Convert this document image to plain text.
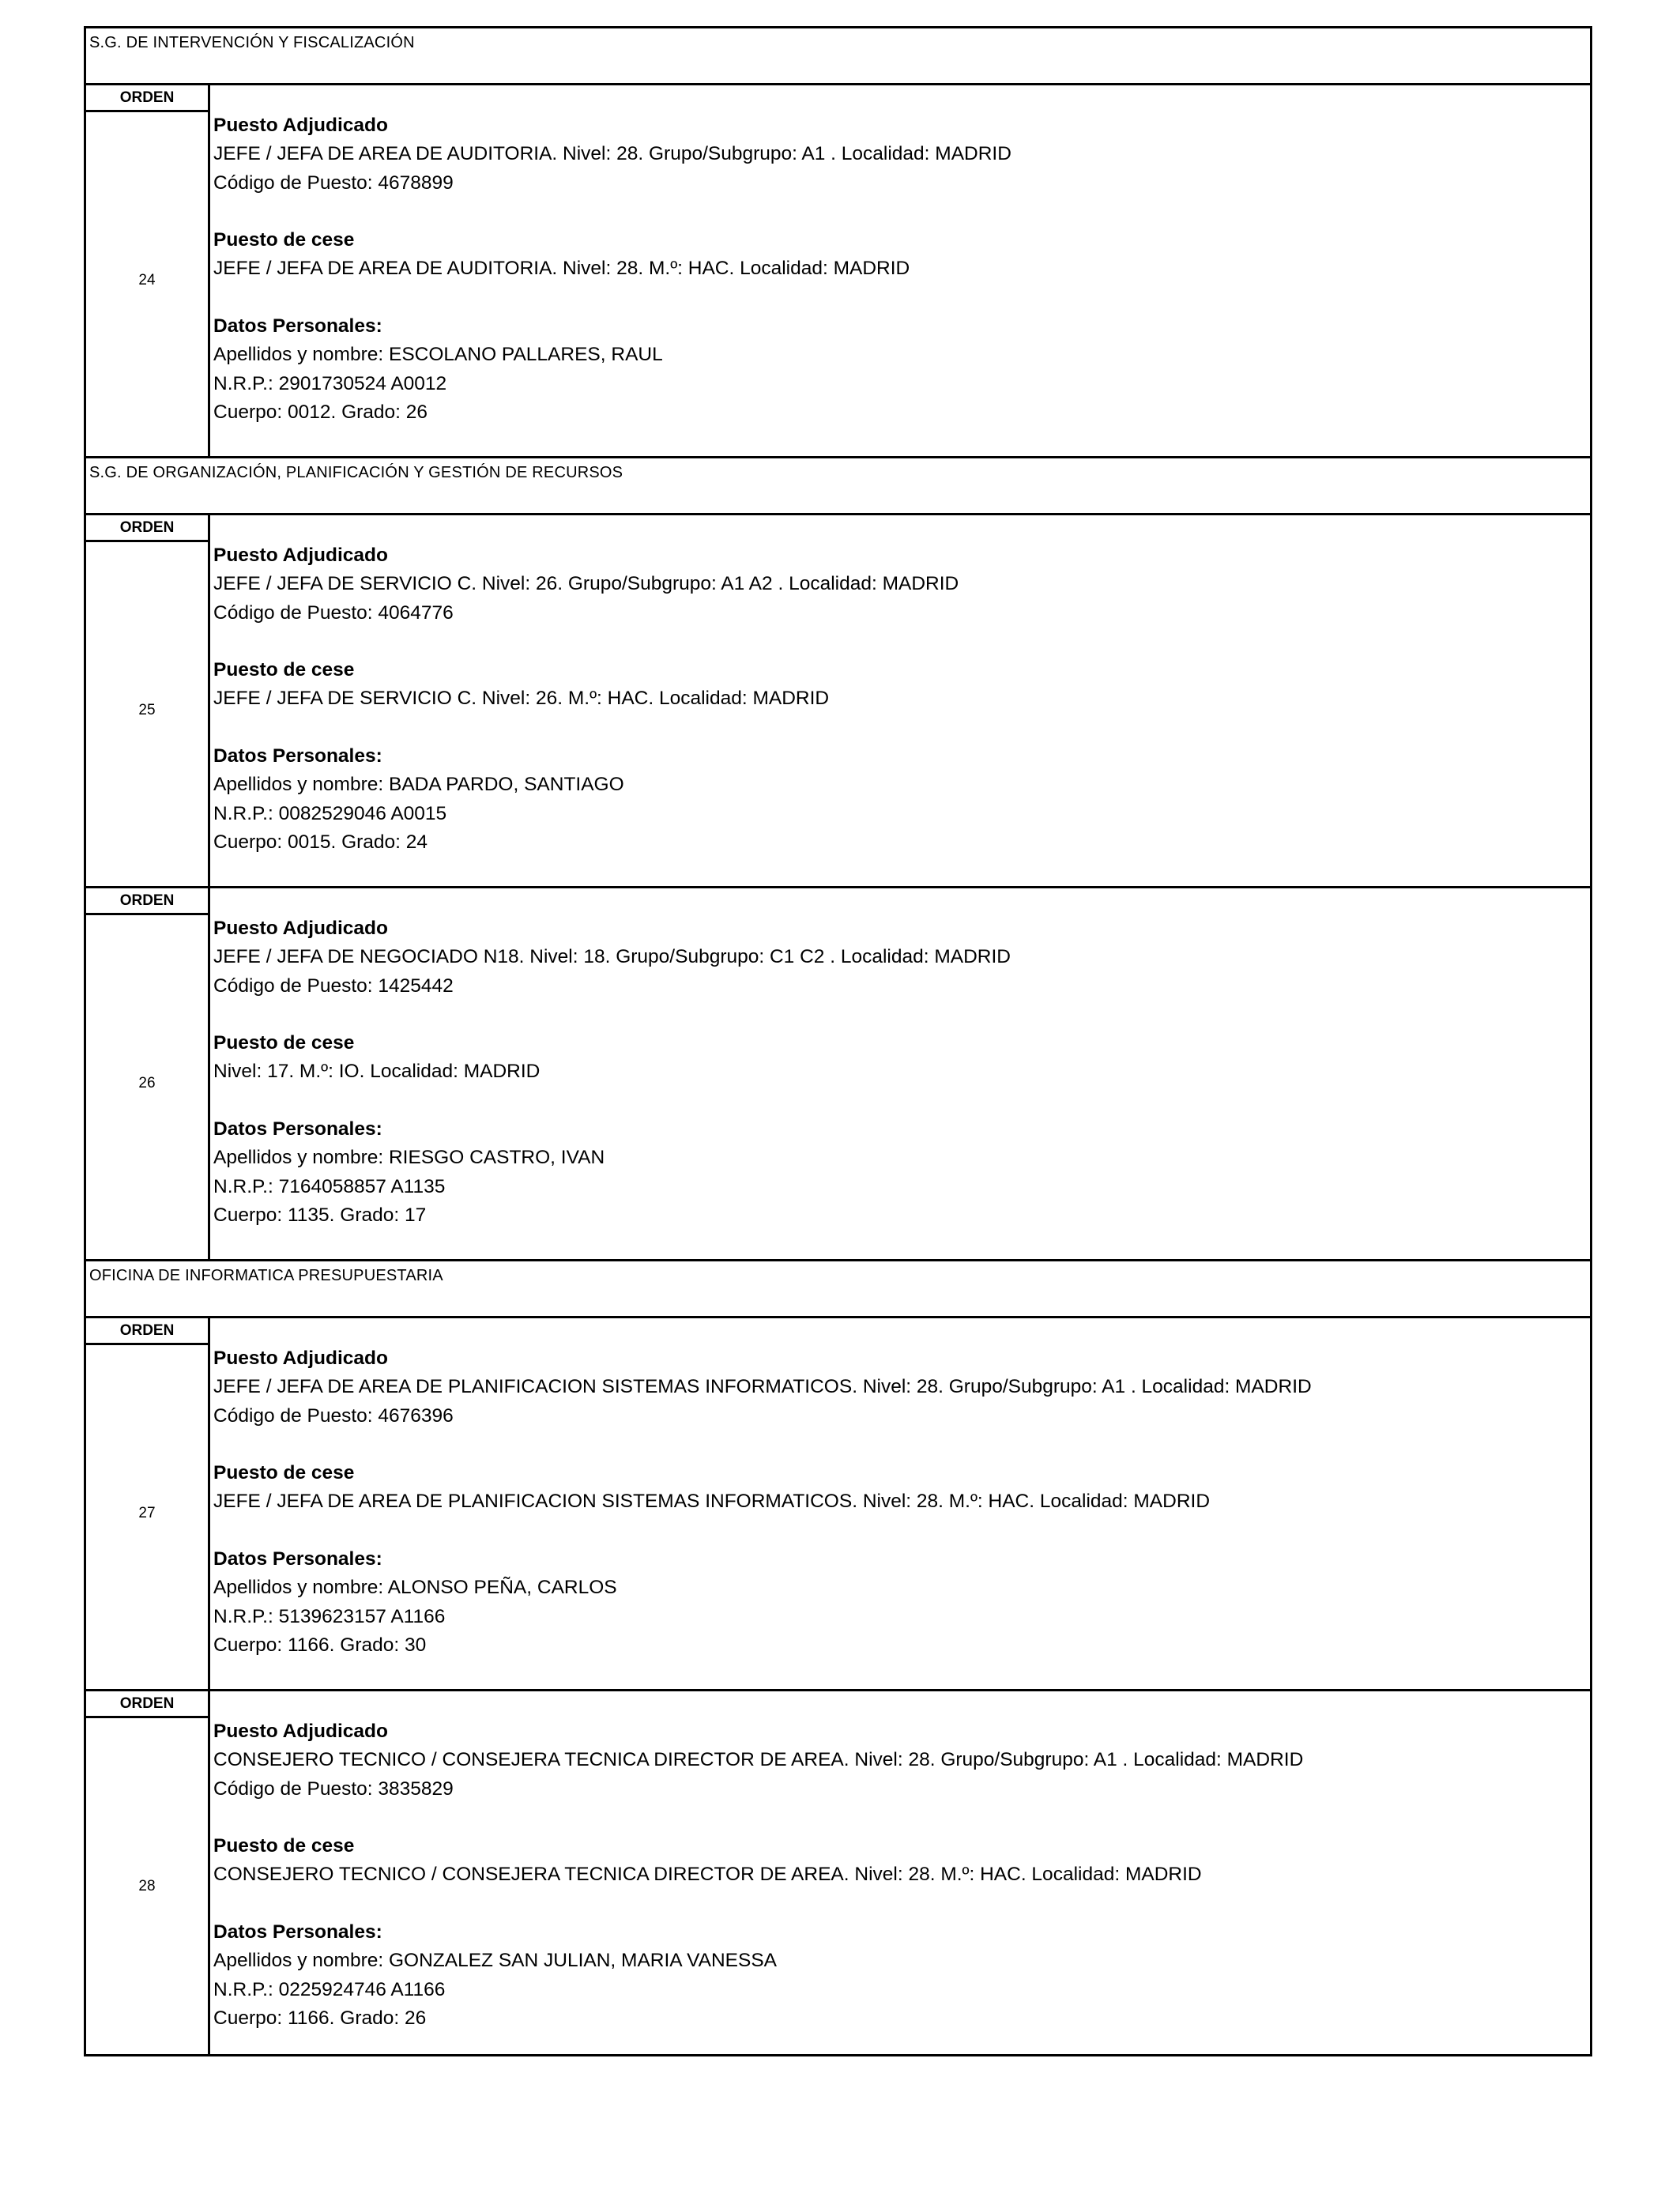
S.G. DE INTERVENCIÓN Y FISCALIZACIÓN
ORDEN
24
Puesto Adjudicado
JEFE / JEFA DE AREA DE AUDITORIA. Nivel: 28. Grupo/Subgrupo: A1 . Localidad: MADRID
Código de Puesto: 4678899
Puesto de cese
JEFE / JEFA DE AREA DE AUDITORIA. Nivel: 28. M.º: HAC. Localidad: MADRID
Datos Personales:
Apellidos y nombre: ESCOLANO PALLARES, RAUL
N.R.P.: 2901730524 A0012
Cuerpo: 0012. Grado: 26
S.G. DE ORGANIZACIÓN, PLANIFICACIÓN Y GESTIÓN DE RECURSOS
ORDEN
25
Puesto Adjudicado
JEFE / JEFA DE SERVICIO C. Nivel: 26. Grupo/Subgrupo: A1 A2 . Localidad: MADRID
Código de Puesto: 4064776
Puesto de cese
JEFE / JEFA DE SERVICIO C. Nivel: 26. M.º: HAC. Localidad: MADRID
Datos Personales:
Apellidos y nombre: BADA PARDO, SANTIAGO
N.R.P.: 0082529046 A0015
Cuerpo: 0015. Grado: 24
ORDEN
26
Puesto Adjudicado
JEFE / JEFA DE NEGOCIADO N18. Nivel: 18. Grupo/Subgrupo: C1 C2 . Localidad: MADRID
Código de Puesto: 1425442
Puesto de cese
Nivel: 17. M.º: IO. Localidad: MADRID
Datos Personales:
Apellidos y nombre: RIESGO CASTRO, IVAN
N.R.P.: 7164058857 A1135
Cuerpo: 1135. Grado: 17
OFICINA DE INFORMATICA PRESUPUESTARIA
ORDEN
27
Puesto Adjudicado
JEFE / JEFA DE AREA DE PLANIFICACION SISTEMAS INFORMATICOS. Nivel: 28. Grupo/Subgrupo: A1 . Localidad: MADRID
Código de Puesto: 4676396
Puesto de cese
JEFE / JEFA DE AREA DE PLANIFICACION SISTEMAS INFORMATICOS. Nivel: 28. M.º: HAC. Localidad: MADRID
Datos Personales:
Apellidos y nombre: ALONSO PEÑA, CARLOS
N.R.P.: 5139623157 A1166
Cuerpo: 1166. Grado: 30
ORDEN
28
Puesto Adjudicado
CONSEJERO TECNICO / CONSEJERA TECNICA DIRECTOR DE AREA. Nivel: 28. Grupo/Subgrupo: A1 . Localidad: MADRID
Código de Puesto: 3835829
Puesto de cese
CONSEJERO TECNICO / CONSEJERA TECNICA DIRECTOR DE AREA. Nivel: 28. M.º: HAC. Localidad: MADRID
Datos Personales:
Apellidos y nombre: GONZALEZ SAN JULIAN, MARIA VANESSA
N.R.P.: 0225924746 A1166
Cuerpo: 1166. Grado: 26
